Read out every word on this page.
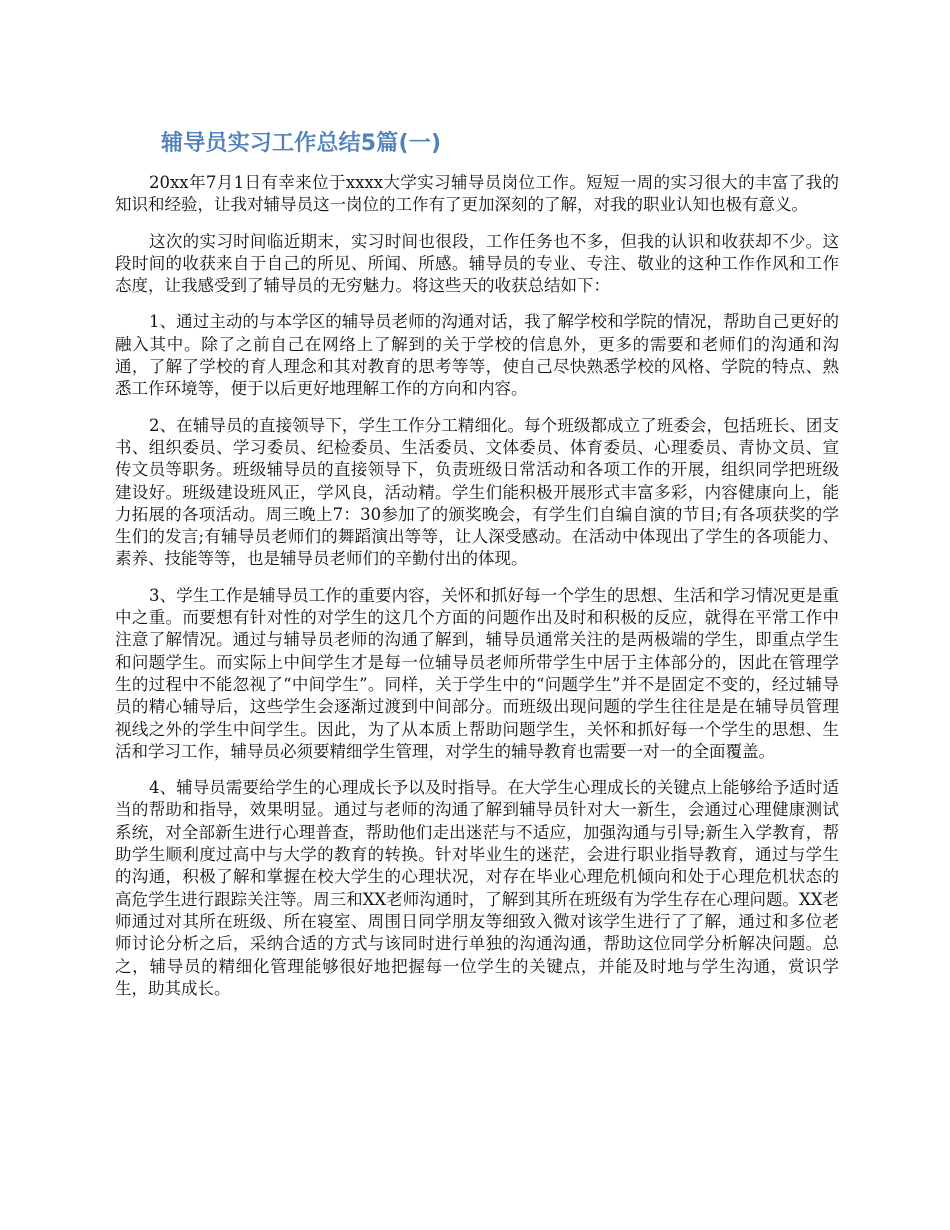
辅导员实习工作总结5篇(一)

20xx年7月1日有幸来位于xxxx大学实习辅导员岗位工作。短短一周的实习很大的丰富了我的知识和经验，让我对辅导员这一岗位的工作有了更加深刻的了解，对我的职业认知也极有意义。

这次的实习时间临近期末，实习时间也很段，工作任务也不多，但我的认识和收获却不少。这段时间的收获来自于自己的所见、所闻、所感。辅导员的专业、专注、敬业的这种工作作风和工作态度，让我感受到了辅导员的无穷魅力。将这些天的收获总结如下：

1、通过主动的与本学区的辅导员老师的沟通对话，我了解学校和学院的情况，帮助自己更好的融入其中。除了之前自己在网络上了解到的关于学校的信息外，更多的需要和老师们的沟通和沟通，了解了学校的育人理念和其对教育的思考等等，使自己尽快熟悉学校的风格、学院的特点、熟悉工作环境等，便于以后更好地理解工作的方向和内容。

2、在辅导员的直接领导下，学生工作分工精细化。每个班级都成立了班委会，包括班长、团支书、组织委员、学习委员、纪检委员、生活委员、文体委员、体育委员、心理委员、青协文员、宣传文员等职务。班级辅导员的直接领导下，负责班级日常活动和各项工作的开展，组织同学把班级建设好。班级建设班风正，学风良，活动精。学生们能积极开展形式丰富多彩，内容健康向上，能力拓展的各项活动。周三晚上7：30参加了的颁奖晚会，有学生们自编自演的节目;有各项获奖的学生们的发言;有辅导员老师们的舞蹈演出等等，让人深受感动。在活动中体现出了学生的各项能力、素养、技能等等，也是辅导员老师们的辛勤付出的体现。

3、学生工作是辅导员工作的重要内容，关怀和抓好每一个学生的思想、生活和学习情况更是重中之重。而要想有针对性的对学生的这几个方面的问题作出及时和积极的反应，就得在平常工作中注意了解情况。通过与辅导员老师的沟通了解到，辅导员通常关注的是两极端的学生，即重点学生和问题学生。而实际上中间学生才是每一位辅导员老师所带学生中居于主体部分的，因此在管理学生的过程中不能忽视了“中间学生”。同样，关于学生中的“问题学生”并不是固定不变的，经过辅导员的精心辅导后，这些学生会逐渐过渡到中间部分。而班级出现问题的学生往往是是在辅导员管理视线之外的学生中间学生。因此，为了从本质上帮助问题学生，关怀和抓好每一个学生的思想、生活和学习工作，辅导员必须要精细学生管理，对学生的辅导教育也需要一对一的全面覆盖。

4、辅导员需要给学生的心理成长予以及时指导。在大学生心理成长的关键点上能够给予适时适当的帮助和指导，效果明显。通过与老师的沟通了解到辅导员针对大一新生，会通过心理健康测试系统，对全部新生进行心理普查，帮助他们走出迷茫与不适应，加强沟通与引导;新生入学教育，帮助学生顺利度过高中与大学的教育的转换。针对毕业生的迷茫，会进行职业指导教育，通过与学生的沟通，积极了解和掌握在校大学生的心理状况，对存在毕业心理危机倾向和处于心理危机状态的高危学生进行跟踪关注等。周三和XX老师沟通时，了解到其所在班级有为学生存在心理问题。XX老师通过对其所在班级、所在寝室、周围日同学朋友等细致入微对该学生进行了了解，通过和多位老师讨论分析之后，采纳合适的方式与该同时进行单独的沟通沟通，帮助这位同学分析解决问题。总之，辅导员的精细化管理能够很好地把握每一位学生的关键点，并能及时地与学生沟通，赏识学生，助其成长。
